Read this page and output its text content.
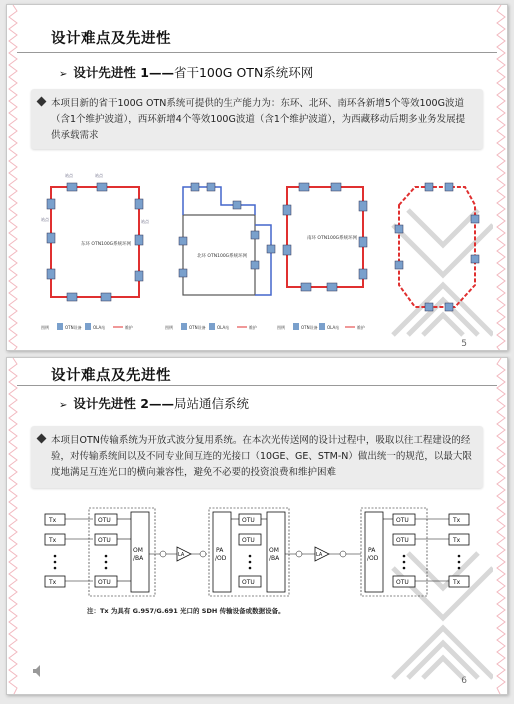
设计难点及先进性
➢ 设计先进性 1——省干100G OTN系统环网
本项目新的省干100G OTN系统可提供的生产能力为：东环、北环、南环各新增5个等效100G波道（含1个维护波道），西环新增4个等效100G波道（含1个维护波道），为西藏移动后期多业务发展提供承载需求
站点	站点
站点	站点
东环 OTN100G系统环网
图例	OTN设备	OLA站	维护
北环 OTN100G系统环网
图例	OTN设备	OLA站	维护
南环 OTN100G系统环网
图例	OTN设备 OLA站	维护
5
设计难点及先进性
➢ 设计先进性 2——局站通信系统
本项目OTN传输系统为开放式波分复用系统。在本次光传送网的设计过程中，吸取以往工程建设的经验，对传输系统间以及不同专业间互连的光接口（10GE、GE、STM-N）做出统一的规范，以最大限度地满足互连光口的横向兼容性，避免不必要的投资浪费和维护困难
Tx
Tx
Tx
OTU
OTU
OTU
OM
/BA	LA
PA
/OD
OTU
OTU
OTU
OM
/BA	LA
PA
/OD
OTU
OTU
OTU
Tx
Tx
Tx
注：Tx 为具有 G.957/G.691 光口的 SDH 传输设备或数据设备。
6
